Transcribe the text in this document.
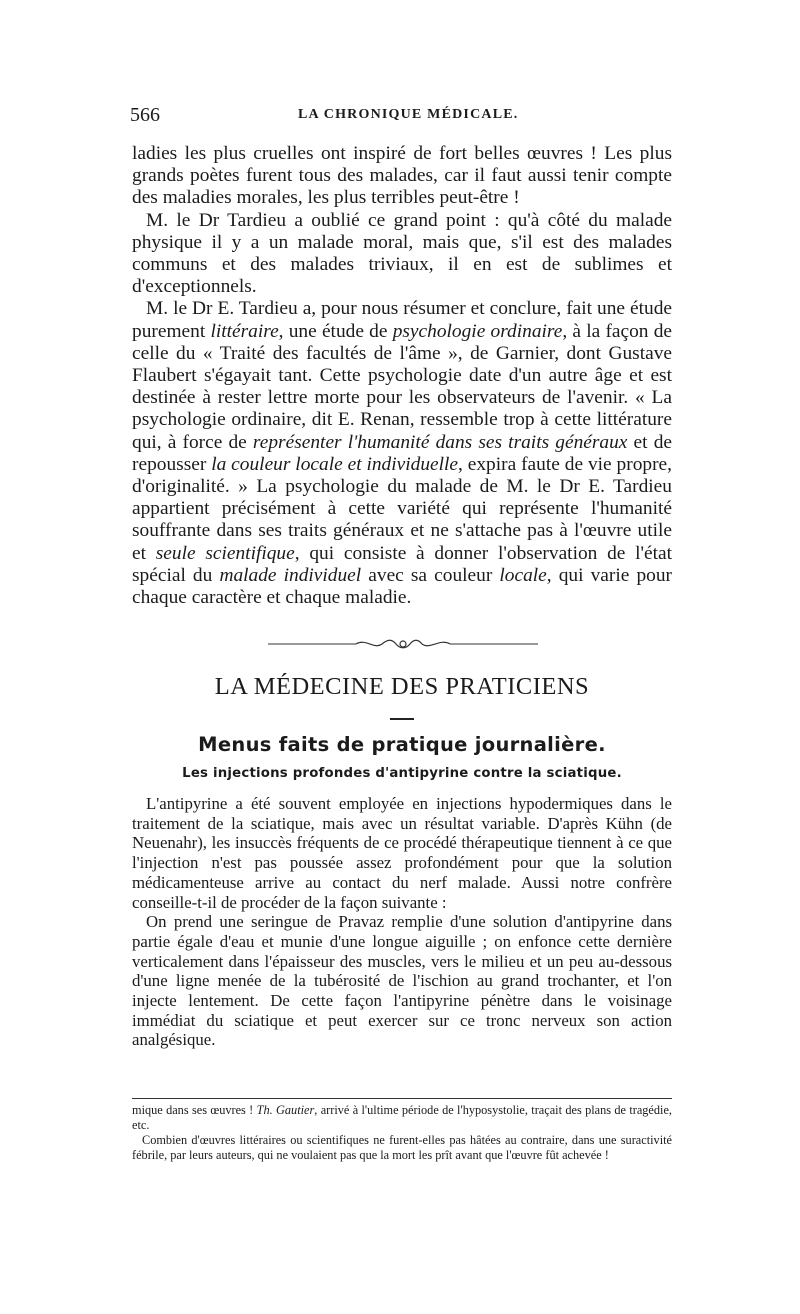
566	LA CHRONIQUE MÉDICALE.

ladies les plus cruelles ont inspiré de fort belles œuvres ! Les plus grands poètes furent tous des malades, car il faut aussi tenir compte des maladies morales, les plus terribles peut-être !

M. le Dr Tardieu a oublié ce grand point : qu'à côté du malade physique il y a un malade moral, mais que, s'il est des malades communs et des malades triviaux, il en est de sublimes et d'exceptionnels.

M. le Dr E. Tardieu a, pour nous résumer et conclure, fait une étude purement littéraire, une étude de psychologie ordinaire, à la façon de celle du « Traité des facultés de l'âme », de Garnier, dont Gustave Flaubert s'égayait tant. Cette psychologie date d'un autre âge et est destinée à rester lettre morte pour les observateurs de l'avenir. « La psychologie ordinaire, dit E. Renan, ressemble trop à cette littérature qui, à force de représenter l'humanité dans ses traits généraux et de repousser la couleur locale et individuelle, expira faute de vie propre, d'originalité. » La psychologie du malade de M. le Dr E. Tardieu appartient précisément à cette variété qui représente l'humanité souffrante dans ses traits généraux et ne s'attache pas à l'œuvre utile et seule scientifique, qui consiste à donner l'observation de l'état spécial du malade individuel avec sa couleur locale, qui varie pour chaque caractère et chaque maladie.

LA MÉDECINE DES PRATICIENS
Menus faits de pratique journalière.
Les injections profondes d'antipyrine contre la sciatique.

L'antipyrine a été souvent employée en injections hypodermiques dans le traitement de la sciatique, mais avec un résultat variable. D'après Kühn (de Neuenahr), les insuccès fréquents de ce procédé thérapeutique tiennent à ce que l'injection n'est pas poussée assez profondément pour que la solution médicamenteuse arrive au contact du nerf malade. Aussi notre confrère conseille-t-il de procéder de la façon suivante :

On prend une seringue de Pravaz remplie d'une solution d'antipyrine dans partie égale d'eau et munie d'une longue aiguille ; on enfonce cette dernière verticalement dans l'épaisseur des muscles, vers le milieu et un peu au-dessous d'une ligne menée de la tubérosité de l'ischion au grand trochanter, et l'on injecte lentement. De cette façon l'antipyrine pénètre dans le voisinage immédiat du sciatique et peut exercer sur ce tronc nerveux son action analgésique.

mique dans ses œuvres ! Th. Gautier, arrivé à l'ultime période de l'hyposystolie, traçait des plans de tragédie, etc.

Combien d'œuvres littéraires ou scientifiques ne furent-elles pas hâtées au contraire, dans une suractivité fébrile, par leurs auteurs, qui ne voulaient pas que la mort les prît avant que l'œuvre fût achevée !
